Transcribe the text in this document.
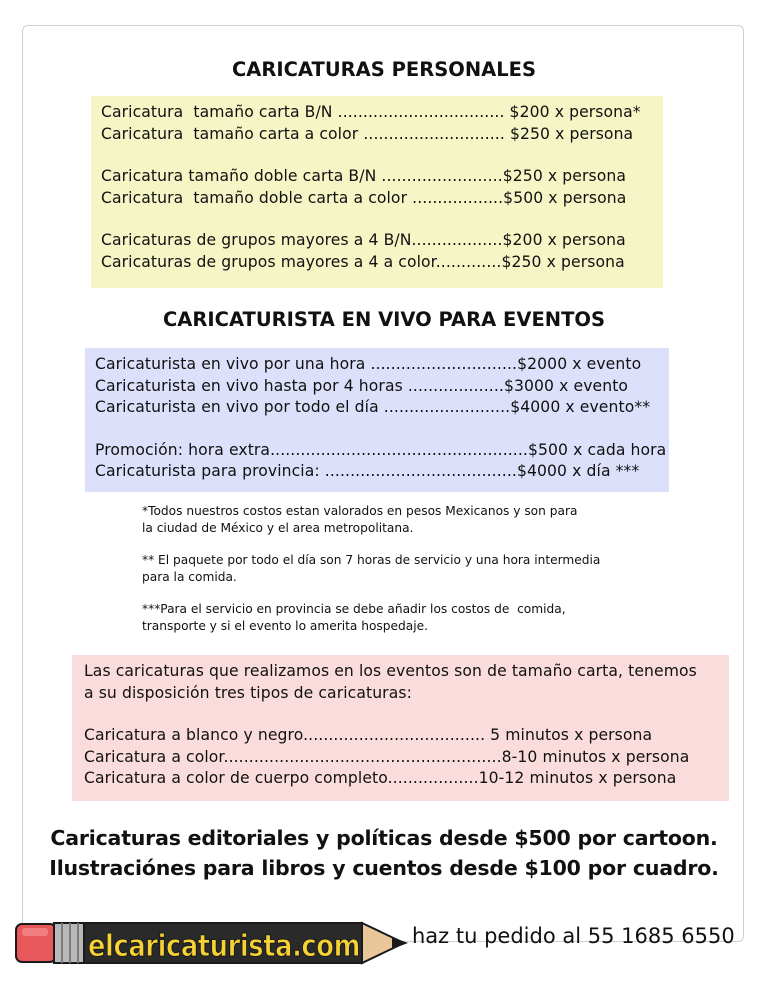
CARICATURAS PERSONALES
Caricatura  tamaño carta B/N ................................. $200 x persona*
Caricatura  tamaño carta a color ............................ $250 x persona
Caricatura tamaño doble carta B/N ........................$250 x persona
Caricatura  tamaño doble carta a color ..................$500 x persona
Caricaturas de grupos mayores a 4 B/N..................$200 x persona
Caricaturas de grupos mayores a 4 a color.............$250 x persona
CARICATURISTA EN VIVO PARA EVENTOS
Caricaturista en vivo por una hora .............................$2000 x evento
Caricaturista en vivo hasta por 4 horas ...................$3000 x evento
Caricaturista en vivo por todo el día .........................$4000 x evento**
Promoción: hora extra...................................................$500 x cada hora
Caricaturista para provincia: ......................................$4000 x día ***
*Todos nuestros costos estan valorados en pesos Mexicanos y son para
la ciudad de México y el area metropolitana.
** El paquete por todo el día son 7 horas de servicio y una hora intermedia
para la comida.
***Para el servicio en provincia se debe añadir los costos de  comida,
transporte y si el evento lo amerita hospedaje.
Las caricaturas que realizamos en los eventos son de tamaño carta, tenemos
a su disposición tres tipos de caricaturas:
Caricatura a blanco y negro.................................... 5 minutos x persona
Caricatura a color.......................................................8-10 minutos x persona
Caricatura a color de cuerpo completo..................10-12 minutos x persona
Caricaturas editoriales y políticas desde $500 por cartoon.
Ilustraciónes para libros y cuentos desde $100 por cuadro.
elcaricaturista.com haz tu pedido al 55 1685 6550
